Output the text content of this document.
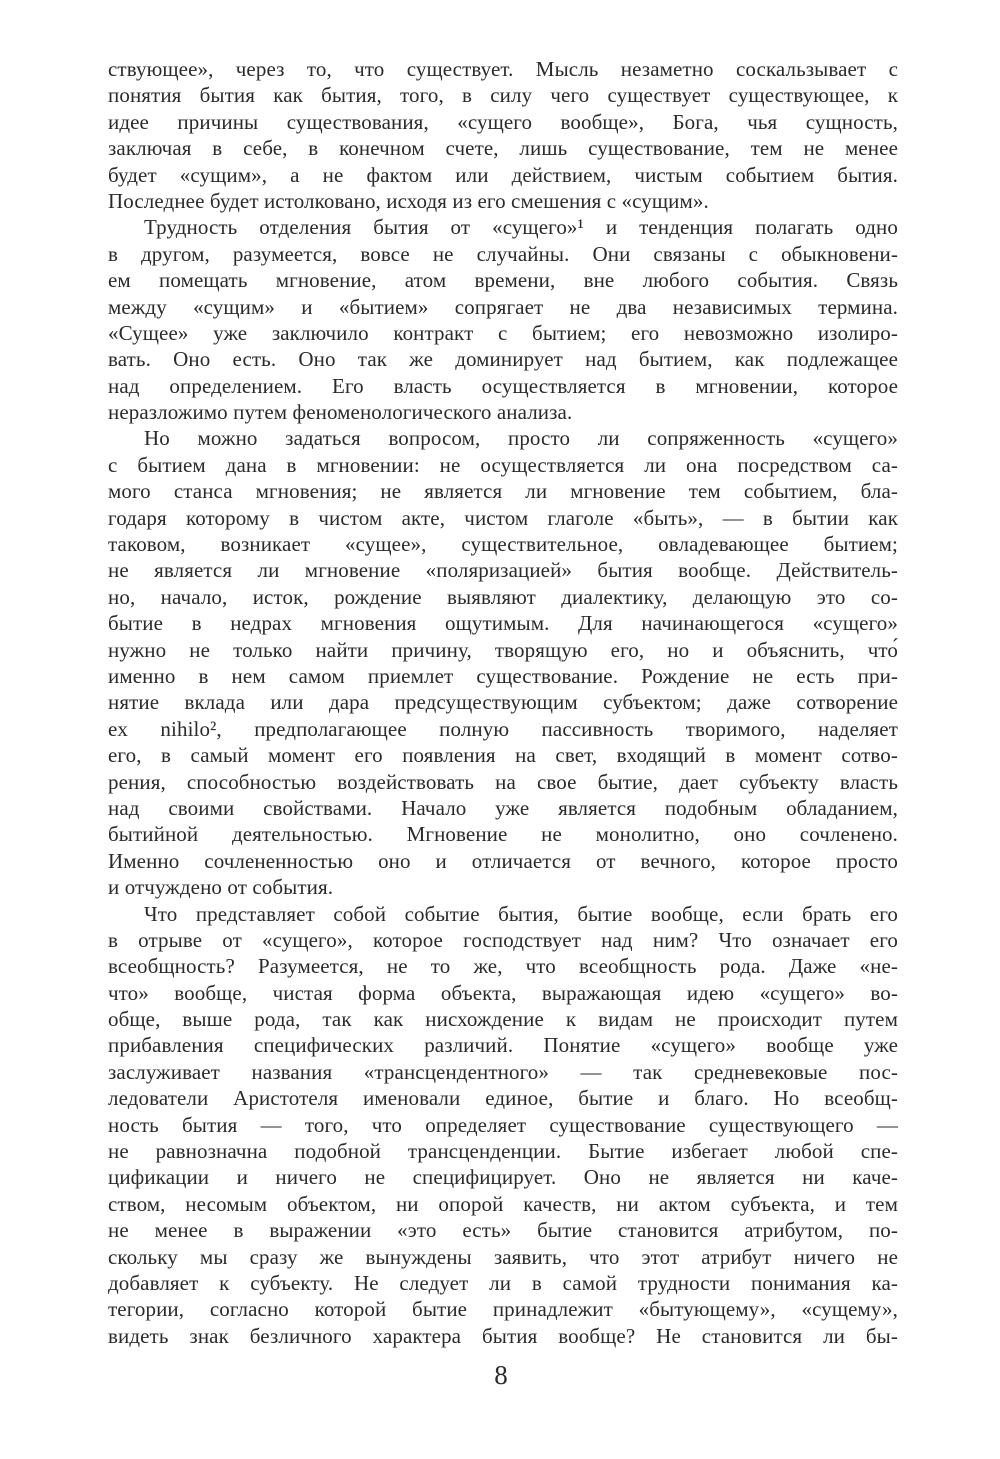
ствующее», через то, что существует. Мысль незаметно соскальзывает с
понятия бытия как бытия, того, в силу чего существует существующее, к
идее причины существования, «сущего вообще», Бога, чья сущность,
заключая в себе, в конечном счете, лишь существование, тем не менее
будет «сущим», а не фактом или действием, чистым событием бытия.
Последнее будет истолковано, исходя из его смешения с «сущим».
Трудность отделения бытия от «сущего»¹ и тенденция полагать одно
в другом, разумеется, вовсе не случайны. Они связаны с обыкновени-
ем помещать мгновение, атом времени, вне любого события. Связь
между «сущим» и «бытием» сопрягает не два независимых термина.
«Сущее» уже заключило контракт с бытием; его невозможно изолиро-
вать. Оно есть. Оно так же доминирует над бытием, как подлежащее
над определением. Его власть осуществляется в мгновении, которое
неразложимо путем феноменологического анализа.
Но можно задаться вопросом, просто ли сопряженность «сущего»
с бытием дана в мгновении: не осуществляется ли она посредством са-
мого станса мгновения; не является ли мгновение тем событием, бла-
годаря которому в чистом акте, чистом глаголе «быть», — в бытии как
таковом, возникает «сущее», существительное, овладевающее бытием;
не является ли мгновение «поляризацией» бытия вообще. Действитель-
но, начало, исток, рождение выявляют диалектику, делающую это со-
бытие в недрах мгновения ощутимым. Для начинающегося «сущего»
нужно не только найти причину, творящую его, но и объяснить, что́
именно в нем самом приемлет существование. Рождение не есть при-
нятие вклада или дара предсуществующим субъектом; даже сотворение
ex nihilo², предполагающее полную пассивность творимого, наделяет
его, в самый момент его появления на свет, входящий в момент сотво-
рения, способностью воздействовать на свое бытие, дает субъекту власть
над своими свойствами. Начало уже является подобным обладанием,
бытийной деятельностью. Мгновение не монолитно, оно сочленено.
Именно сочлененностью оно и отличается от вечного, которое просто
и отчуждено от события.
Что представляет собой событие бытия, бытие вообще, если брать его
в отрыве от «сущего», которое господствует над ним? Что означает его
всеобщность? Разумеется, не то же, что всеобщность рода. Даже «не-
что» вообще, чистая форма объекта, выражающая идею «сущего» во-
обще, выше рода, так как нисхождение к видам не происходит путем
прибавления специфических различий. Понятие «сущего» вообще уже
заслуживает названия «трансцендентного» — так средневековые пос-
ледователи Аристотеля именовали единое, бытие и благо. Но всеобщ-
ность бытия — того, что определяет существование существующего —
не равнозначна подобной трансценденции. Бытие избегает любой спе-
цификации и ничего не специфицирует. Оно не является ни каче-
ством, несомым объектом, ни опорой качеств, ни актом субъекта, и тем
не менее в выражении «это есть» бытие становится атрибутом, по-
скольку мы сразу же вынуждены заявить, что этот атрибут ничего не
добавляет к субъекту. Не следует ли в самой трудности понимания ка-
тегории, согласно которой бытие принадлежит «бытующему», «сущему»,
видеть знак безличного характера бытия вообще? Не становится ли бы-
8
